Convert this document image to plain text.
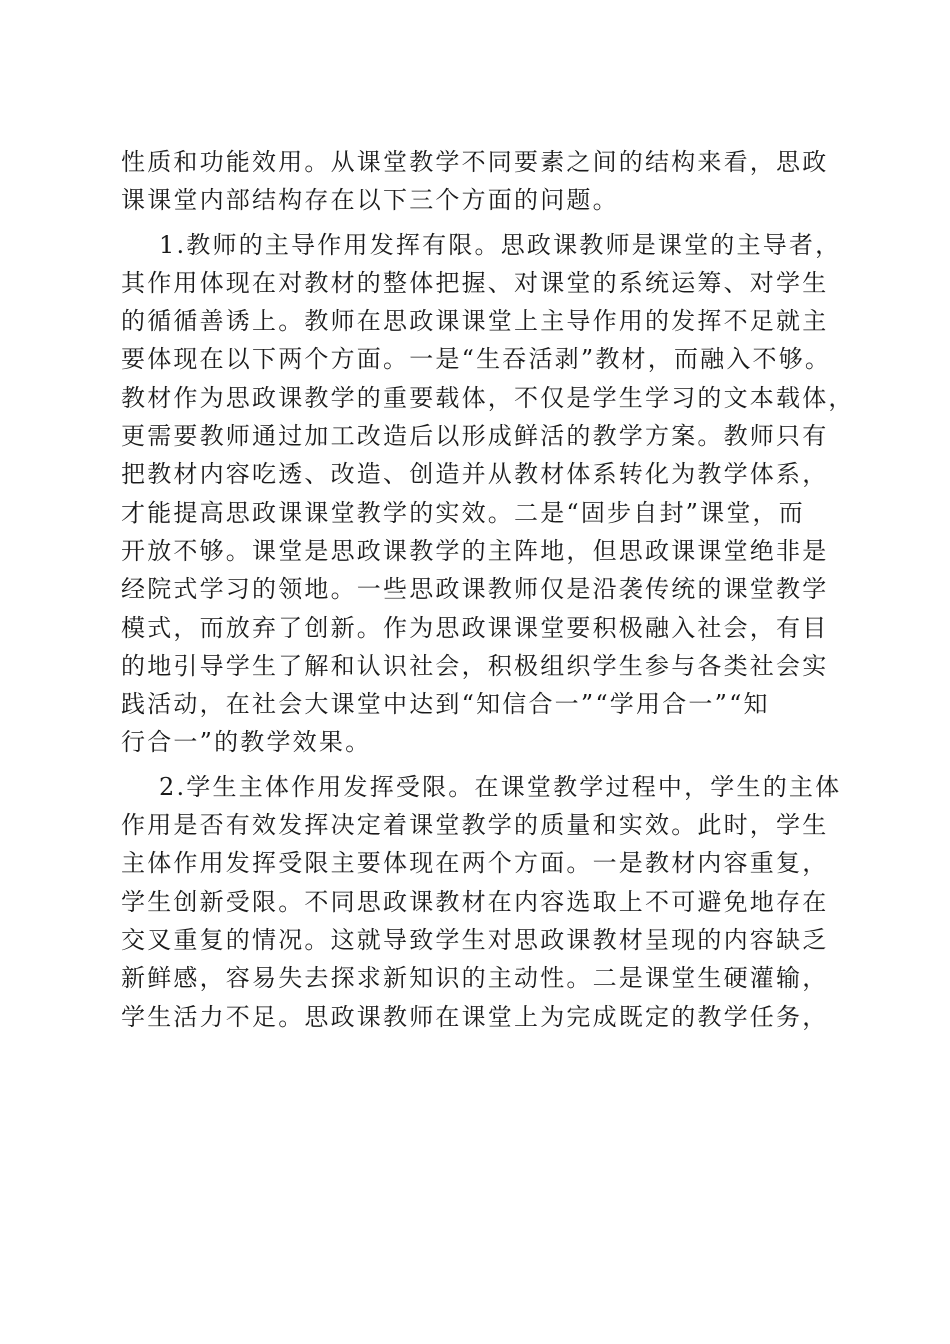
性质和功能效用。从课堂教学不同要素之间的结构来看，思政
课课堂内部结构存在以下三个方面的问题。
1.教师的主导作用发挥有限。思政课教师是课堂的主导者，
其作用体现在对教材的整体把握、对课堂的系统运筹、对学生
的循循善诱上。教师在思政课课堂上主导作用的发挥不足就主
要体现在以下两个方面。一是“生吞活剥”教材，而融入不够。
教材作为思政课教学的重要载体，不仅是学生学习的文本载体，
更需要教师通过加工改造后以形成鲜活的教学方案。教师只有
把教材内容吃透、改造、创造并从教材体系转化为教学体系，
才能提高思政课课堂教学的实效。二是“固步自封”课堂，而
开放不够。课堂是思政课教学的主阵地，但思政课课堂绝非是
经院式学习的领地。一些思政课教师仅是沿袭传统的课堂教学
模式，而放弃了创新。作为思政课课堂要积极融入社会，有目
的地引导学生了解和认识社会，积极组织学生参与各类社会实
践活动，在社会大课堂中达到“知信合一”“学用合一”“知
行合一”的教学效果。
2.学生主体作用发挥受限。在课堂教学过程中，学生的主体
作用是否有效发挥决定着课堂教学的质量和实效。此时，学生
主体作用发挥受限主要体现在两个方面。一是教材内容重复，
学生创新受限。不同思政课教材在内容选取上不可避免地存在
交叉重复的情况。这就导致学生对思政课教材呈现的内容缺乏
新鲜感，容易失去探求新知识的主动性。二是课堂生硬灌输，
学生活力不足。思政课教师在课堂上为完成既定的教学任务，
